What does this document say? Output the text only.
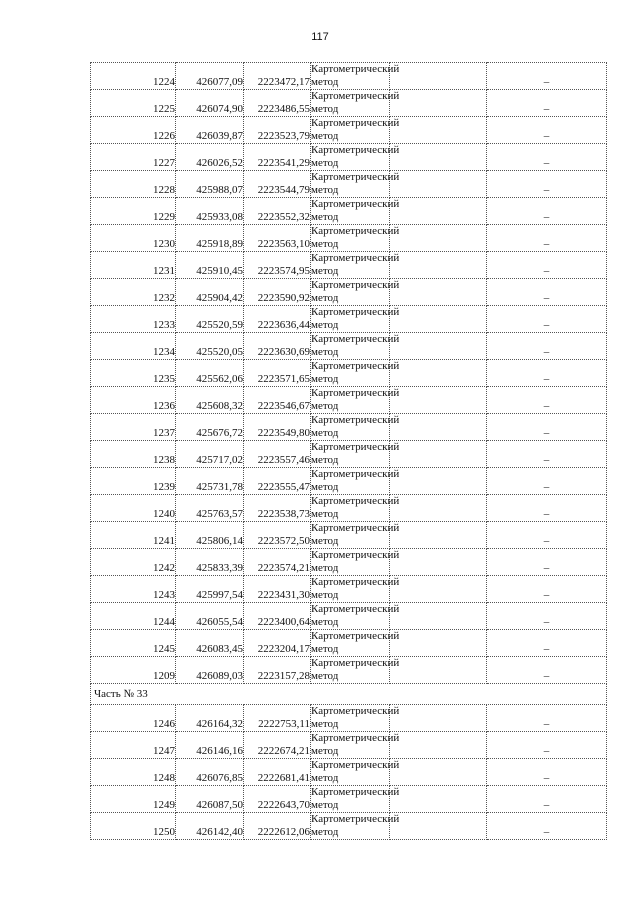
117
1224	426077,09	2223472,17	Картометрический метод		–
1225	426074,90	2223486,55	Картометрический метод		–
1226	426039,87	2223523,79	Картометрический метод		–
1227	426026,52	2223541,29	Картометрический метод		–
1228	425988,07	2223544,79	Картометрический метод		–
1229	425933,08	2223552,32	Картометрический метод		–
1230	425918,89	2223563,10	Картометрический метод		–
1231	425910,45	2223574,95	Картометрический метод		–
1232	425904,42	2223590,92	Картометрический метод		–
1233	425520,59	2223636,44	Картометрический метод		–
1234	425520,05	2223630,69	Картометрический метод		–
1235	425562,06	2223571,65	Картометрический метод		–
1236	425608,32	2223546,67	Картометрический метод		–
1237	425676,72	2223549,80	Картометрический метод		–
1238	425717,02	2223557,46	Картометрический метод		–
1239	425731,78	2223555,47	Картометрический метод		–
1240	425763,57	2223538,73	Картометрический метод		–
1241	425806,14	2223572,50	Картометрический метод		–
1242	425833,39	2223574,21	Картометрический метод		–
1243	425997,54	2223431,30	Картометрический метод		–
1244	426055,54	2223400,64	Картометрический метод		–
1245	426083,45	2223204,17	Картометрический метод		–
1209	426089,03	2223157,28	Картометрический метод		–
Часть № 33					
1246	426164,32	2222753,11	Картометрический метод		–
1247	426146,16	2222674,21	Картометрический метод		–
1248	426076,85	2222681,41	Картометрический метод		–
1249	426087,50	2222643,70	Картометрический метод		–
1250	426142,40	2222612,06	Картометрический метод		–
